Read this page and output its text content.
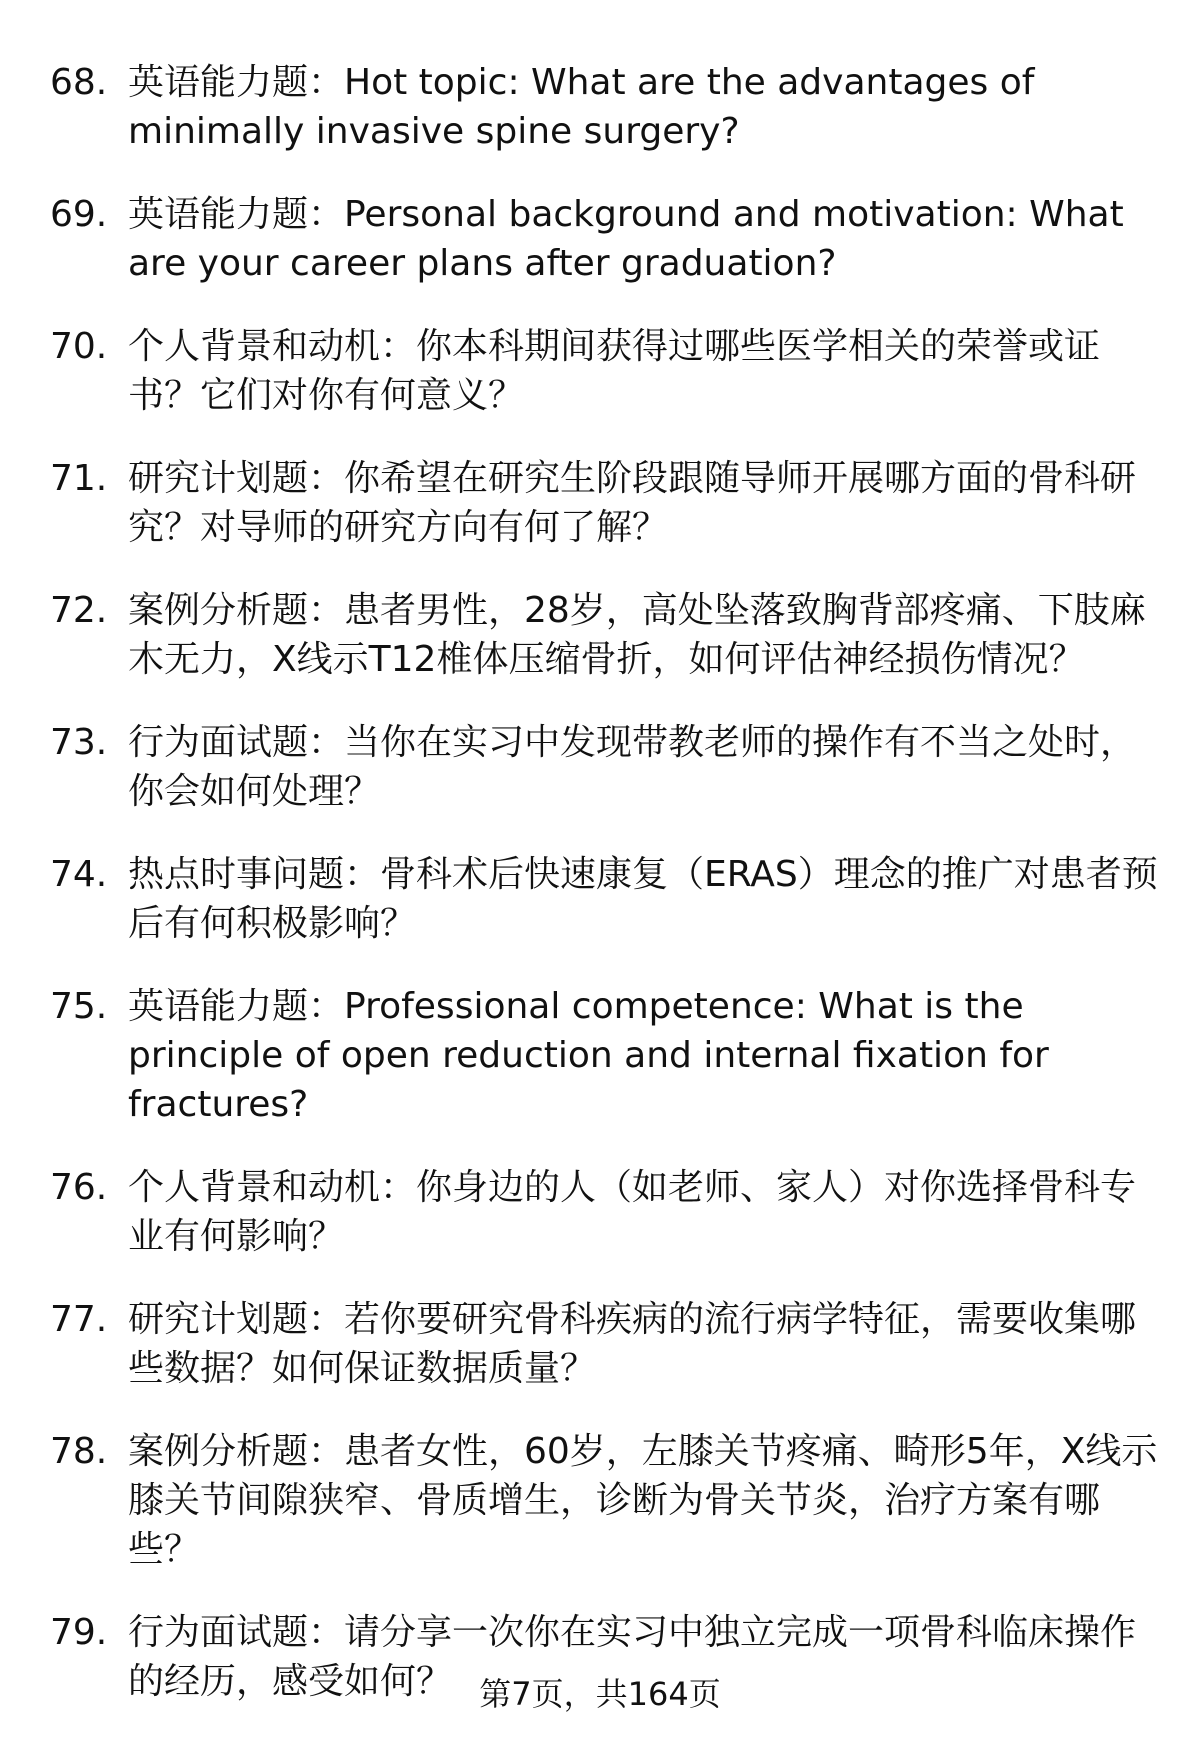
68. 英语能力题：Hot topic: What are the advantages of minimally invasive spine surgery?
69. 英语能力题：Personal background and motivation: What are your career plans after graduation?
70. 个人背景和动机：你本科期间获得过哪些医学相关的荣誉或证书？它们对你有何意义？
71. 研究计划题：你希望在研究生阶段跟随导师开展哪方面的骨科研究？对导师的研究方向有何了解？
72. 案例分析题：患者男性，28岁，高处坠落致胸背部疼痛、下肢麻木无力，X线示T12椎体压缩骨折，如何评估神经损伤情况？
73. 行为面试题：当你在实习中发现带教老师的操作有不当之处时，你会如何处理？
74. 热点时事问题：骨科术后快速康复（ERAS）理念的推广对患者预后有何积极影响？
75. 英语能力题：Professional competence: What is the principle of open reduction and internal fixation for fractures?
76. 个人背景和动机：你身边的人（如老师、家人）对你选择骨科专业有何影响？
77. 研究计划题：若你要研究骨科疾病的流行病学特征，需要收集哪些数据？如何保证数据质量？
78. 案例分析题：患者女性，60岁，左膝关节疼痛、畸形5年，X线示膝关节间隙狭窄、骨质增生，诊断为骨关节炎，治疗方案有哪些？
79. 行为面试题：请分享一次你在实习中独立完成一项骨科临床操作的经历，感受如何？ 第7页，共164页
